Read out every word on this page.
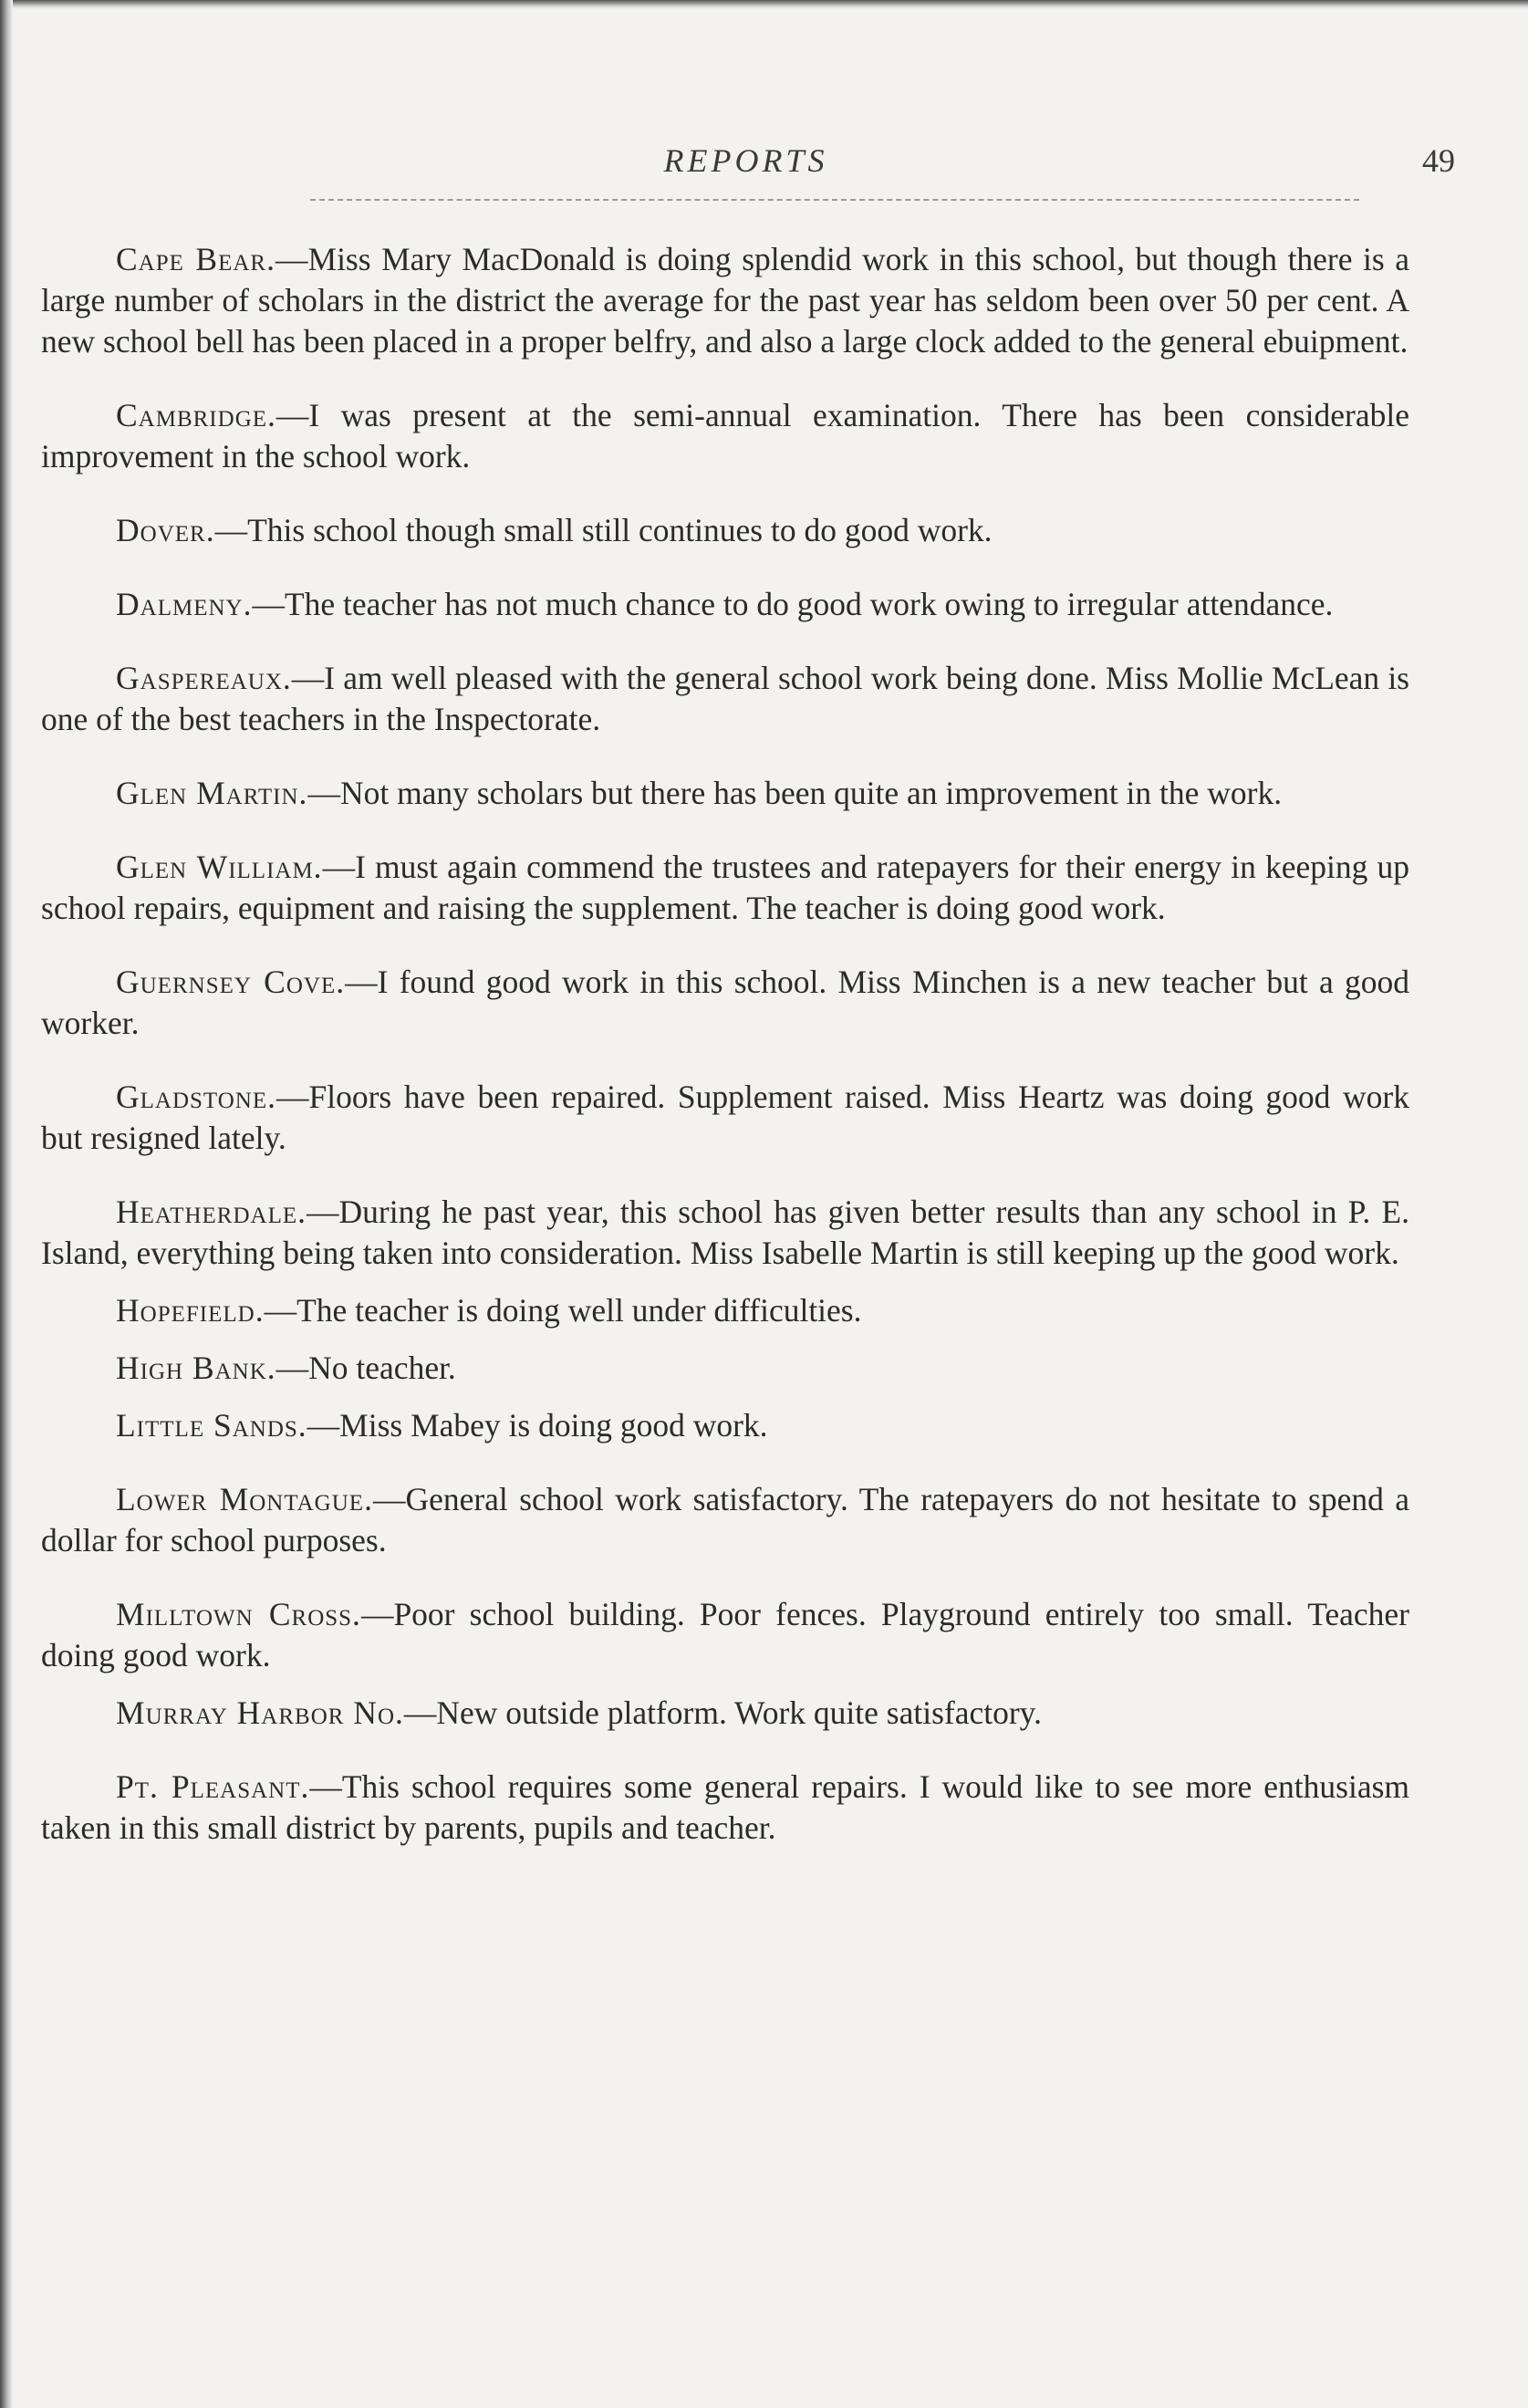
REPORTS	49

Cape Bear.—Miss Mary MacDonald is doing splendid work in this school, but though there is a large number of scholars in the district the average for the past year has seldom been over 50 per cent. A new school bell has been placed in a proper belfry, and also a large clock added to the general ebuipment.

Cambridge.—I was present at the semi-annual examination. There has been considerable improvement in the school work.

Dover.—This school though small still continues to do good work.

Dalmeny.—The teacher has not much chance to do good work owing to irregular attendance.

Gaspereaux.—I am well pleased with the general school work being done. Miss Mollie McLean is one of the best teachers in the Inspectorate.

Glen Martin.—Not many scholars but there has been quite an improvement in the work.

Glen William.—I must again commend the trustees and ratepayers for their energy in keeping up school repairs, equipment and raising the supplement. The teacher is doing good work.

Guernsey Cove.—I found good work in this school. Miss Minchen is a new teacher but a good worker.

Gladstone.—Floors have been repaired. Supplement raised. Miss Heartz was doing good work but resigned lately.

Heatherdale.—During he past year, this school has given better results than any school in P. E. Island, everything being taken into consideration. Miss Isabelle Martin is still keeping up the good work.

Hopefield.—The teacher is doing well under difficulties.

High Bank.—No teacher.

Little Sands.—Miss Mabey is doing good work.

Lower Montague.—General school work satisfactory. The ratepayers do not hesitate to spend a dollar for school purposes.

Milltown Cross.—Poor school building. Poor fences. Playground entirely too small. Teacher doing good work.

Murray Harbor No.—New outside platform. Work quite satisfactory.

Pt. Pleasant.—This school requires some general repairs. I would like to see more enthusiasm taken in this small district by parents, pupils and teacher.
